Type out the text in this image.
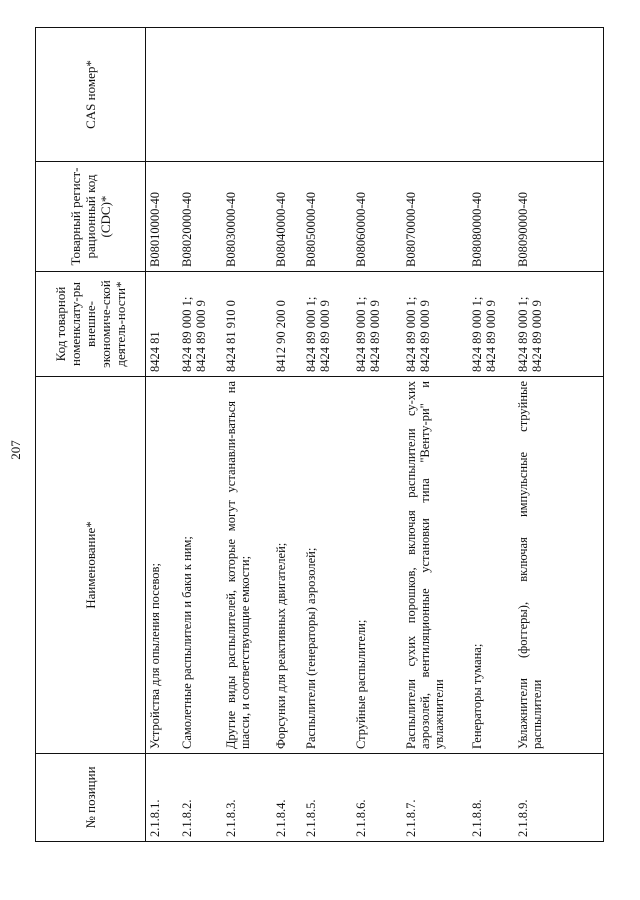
207
№ позиции	Наименование*	Код товарной номенклату-ры внешне-экономиче-ской деятель-ности*	Товарный регист-рационный код (CDC)*	CAS номер*
2.1.8.1.	Устройства для опыления посевов;	8424 81	B08010000-40	
2.1.8.2.	Самолетные распылители и баки к ним;	8424 89 000 1;
8424 89 000 9	B08020000-40	
2.1.8.3.	Другие виды распылителей, которые могут устанавли-ваться на шасси, и соответствующие емкости;	8424 81 910 0	B08030000-40	
2.1.8.4.	Форсунки для реактивных двигателей;	8412 90 200 0	B08040000-40	
2.1.8.5.	Распылители (генераторы) аэрозолей;	8424 89 000 1;
8424 89 000 9	B08050000-40	
2.1.8.6.	Струйные распылители;	8424 89 000 1;
8424 89 000 9	B08060000-40	
2.1.8.7.	Распылители сухих порошков, включая распылители су-хих аэрозолей, вентиляционные установки типа "Венту-ри" и увлажнители	8424 89 000 1;
8424 89 000 9	B08070000-40	
2.1.8.8.	Генераторы тумана;	8424 89 000 1;
8424 89 000 9	B08080000-40	
2.1.8.9.	Увлажнители (фоггеры), включая импульсные струйные распылители	8424 89 000 1;
8424 89 000 9	B08090000-40	
